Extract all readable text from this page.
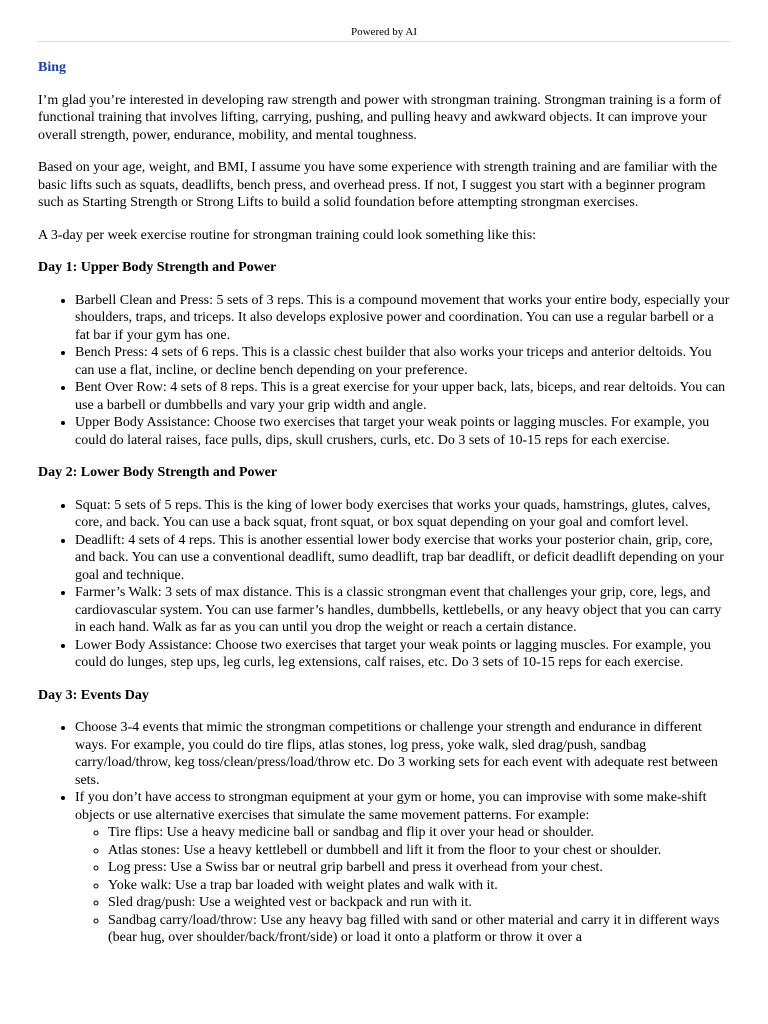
Powered by AI
Bing

I’m glad you’re interested in developing raw strength and power with strongman training. Strongman training is a form of functional training that involves lifting, carrying, pushing, and pulling heavy and awkward objects. It can improve your overall strength, power, endurance, mobility, and mental toughness.

Based on your age, weight, and BMI, I assume you have some experience with strength training and are familiar with the basic lifts such as squats, deadlifts, bench press, and overhead press. If not, I suggest you start with a beginner program such as Starting Strength or Strong Lifts to build a solid foundation before attempting strongman exercises.

A 3-day per week exercise routine for strongman training could look something like this:

Day 1: Upper Body Strength and Power
• Barbell Clean and Press: 5 sets of 3 reps. This is a compound movement that works your entire body, especially your shoulders, traps, and triceps. It also develops explosive power and coordination. You can use a regular barbell or a fat bar if your gym has one.
• Bench Press: 4 sets of 6 reps. This is a classic chest builder that also works your triceps and anterior deltoids. You can use a flat, incline, or decline bench depending on your preference.
• Bent Over Row: 4 sets of 8 reps. This is a great exercise for your upper back, lats, biceps, and rear deltoids. You can use a barbell or dumbbells and vary your grip width and angle.
• Upper Body Assistance: Choose two exercises that target your weak points or lagging muscles. For example, you could do lateral raises, face pulls, dips, skull crushers, curls, etc. Do 3 sets of 10-15 reps for each exercise.
Day 2: Lower Body Strength and Power
• Squat: 5 sets of 5 reps. This is the king of lower body exercises that works your quads, hamstrings, glutes, calves, core, and back. You can use a back squat, front squat, or box squat depending on your goal and comfort level.
• Deadlift: 4 sets of 4 reps. This is another essential lower body exercise that works your posterior chain, grip, core, and back. You can use a conventional deadlift, sumo deadlift, trap bar deadlift, or deficit deadlift depending on your goal and technique.
• Farmer’s Walk: 3 sets of max distance. This is a classic strongman event that challenges your grip, core, legs, and cardiovascular system. You can use farmer’s handles, dumbbells, kettlebells, or any heavy object that you can carry in each hand. Walk as far as you can until you drop the weight or reach a certain distance.
• Lower Body Assistance: Choose two exercises that target your weak points or lagging muscles. For example, you could do lunges, step ups, leg curls, leg extensions, calf raises, etc. Do 3 sets of 10-15 reps for each exercise.
Day 3: Events Day
• Choose 3-4 events that mimic the strongman competitions or challenge your strength and endurance in different ways. For example, you could do tire flips, atlas stones, log press, yoke walk, sled drag/push, sandbag carry/load/throw, keg toss/clean/press/load/throw etc. Do 3 working sets for each event with adequate rest between sets.
• If you don’t have access to strongman equipment at your gym or home, you can improvise with some make-shift objects or use alternative exercises that simulate the same movement patterns. For example:
◦ Tire flips: Use a heavy medicine ball or sandbag and flip it over your head or shoulder.
◦ Atlas stones: Use a heavy kettlebell or dumbbell and lift it from the floor to your chest or shoulder.
◦ Log press: Use a Swiss bar or neutral grip barbell and press it overhead from your chest.
◦ Yoke walk: Use a trap bar loaded with weight plates and walk with it.
◦ Sled drag/push: Use a weighted vest or backpack and run with it.
◦ Sandbag carry/load/throw: Use any heavy bag filled with sand or other material and carry it in different ways (bear hug, over shoulder/back/front/side) or load it onto a platform or throw it over a
